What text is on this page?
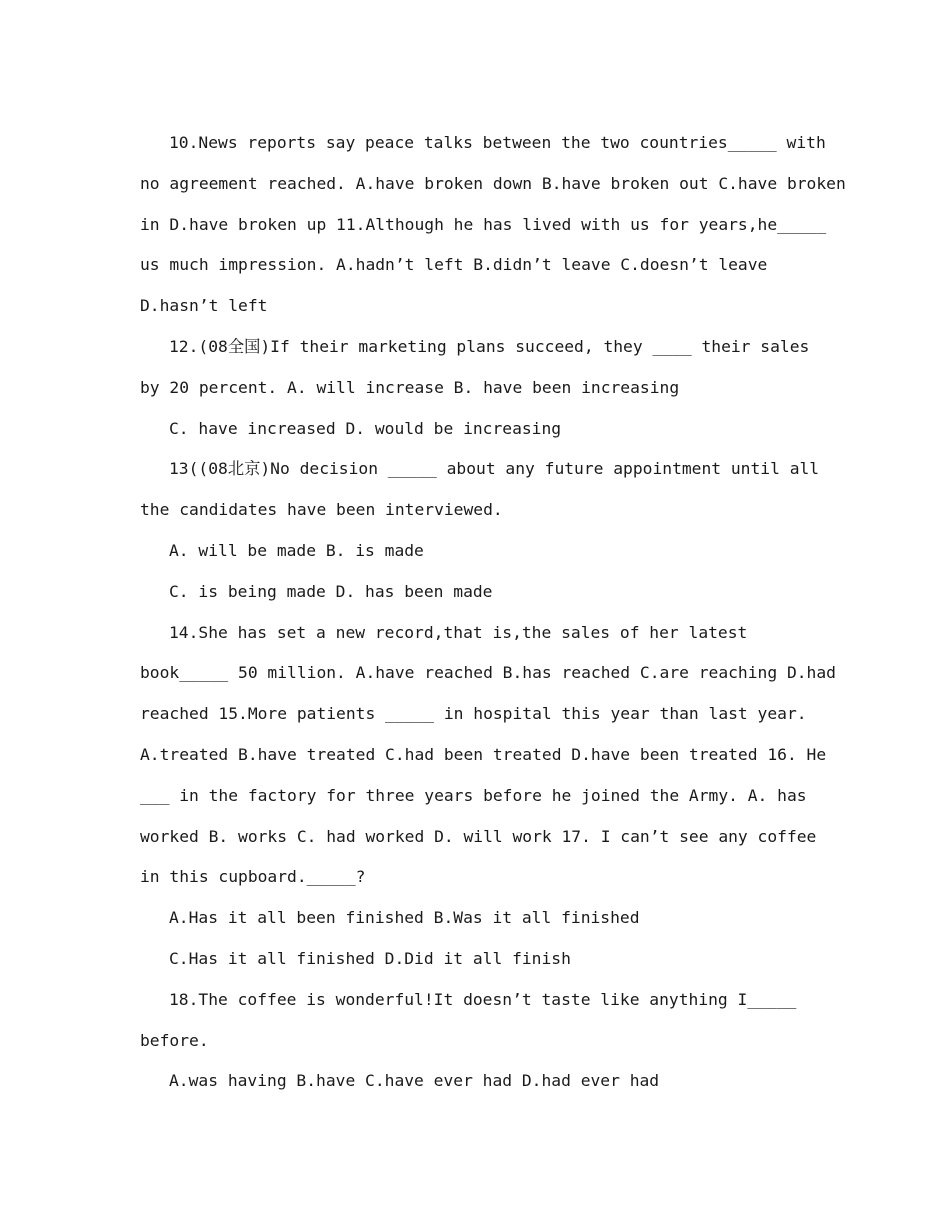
10.News reports say peace talks between the two countries_____ with
no agreement reached. A.have broken down B.have broken out C.have broken
in D.have broken up 11.Although he has lived with us for years,he_____
us much impression. A.hadn’t left B.didn’t leave C.doesn’t leave
D.hasn’t left
12.(08全国)If their marketing plans succeed, they ____ their sales
by 20 percent. A. will increase B. have been increasing
C. have increased D. would be increasing
13((08北京)No decision _____ about any future appointment until all
the candidates have been interviewed.
A. will be made B. is made
C. is being made D. has been made
14.She has set a new record,that is,the sales of her latest
book_____ 50 million. A.have reached B.has reached C.are reaching D.had
reached 15.More patients _____ in hospital this year than last year.
A.treated B.have treated C.had been treated D.have been treated 16. He
___ in the factory for three years before he joined the Army. A. has
worked B. works C. had worked D. will work 17. I can’t see any coffee
in this cupboard._____?
A.Has it all been finished B.Was it all finished
C.Has it all finished D.Did it all finish
18.The coffee is wonderful!It doesn’t taste like anything I_____
before.
A.was having B.have C.have ever had D.had ever had
